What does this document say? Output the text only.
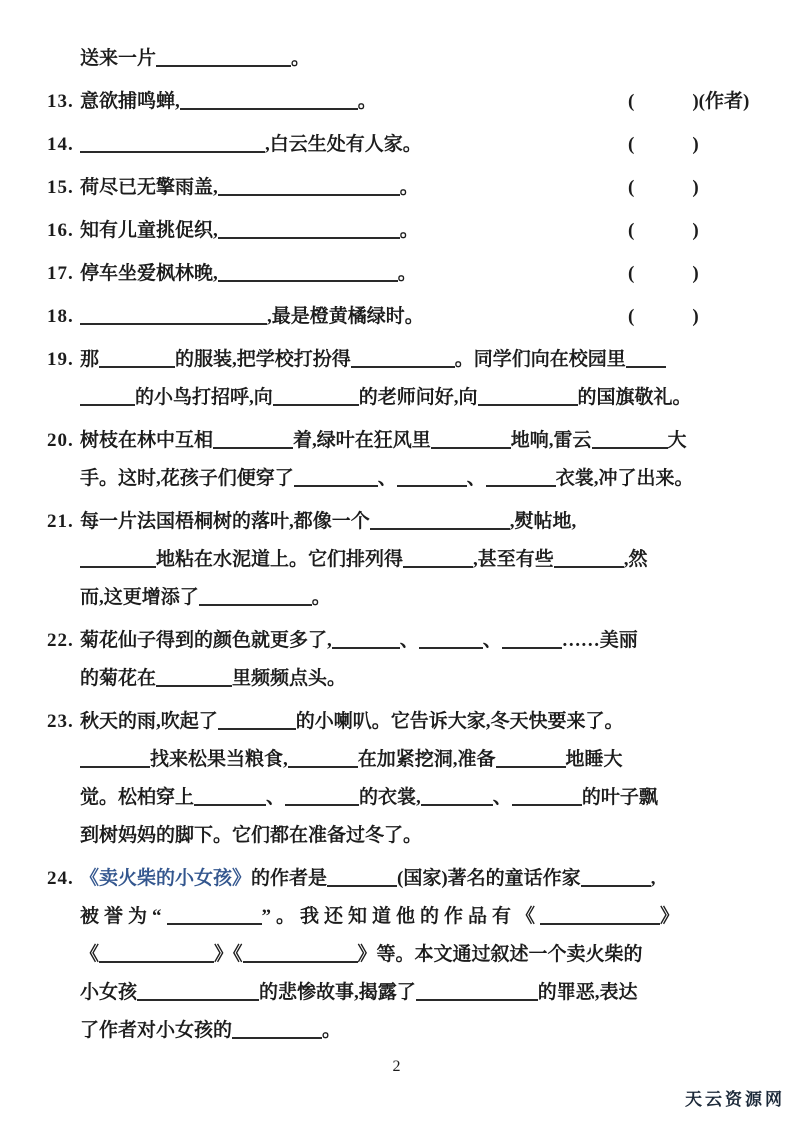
送来一片	。
13. 意欲捕鸣蝉,	。	(	)(作者)
14.	,白云生处有人家。	(	)
15. 荷尽已无擎雨盖,	。	(	)
16. 知有儿童挑促织,	。	(	)
17. 停车坐爱枫林晚,	。	(	)
18.	,最是橙黄橘绿时。	(	)
19. 那	的服装,把学校打扮得	。同学们向在校园里
的小鸟打招呼,向	的老师问好,向	的国旗敬礼。
20. 树枝在林中互相	着,绿叶在狂风里	地响,雷云	大
手。这时,花孩子们便穿了	、	、	衣裳,冲了出来。
21. 每一片法国梧桐树的落叶,都像一个	,熨帖地,
地粘在水泥道上。它们排列得	,甚至有些	,然
而,这更增添了	。
22. 菊花仙子得到的颜色就更多了,	、	、	……美丽
的菊花在	里频频点头。
23. 秋天的雨,吹起了	的小喇叭。它告诉大家,冬天快要来了。
找来松果当粮食,	在加紧挖洞,准备	地睡大
觉。松柏穿上	、	的衣裳,	、	的叶子飘
到树妈妈的脚下。它们都在准备过冬了。
24. 《卖火柴的小女孩》的作者是	(国家)著名的童话作家	,
被誉为“	”。我还知道他的作品有《	》
《	》《	》等。本文通过叙述一个卖火柴的
小女孩	的悲惨故事,揭露了	的罪恶,表达
了作者对小女孩的	。
2
天云资源网
